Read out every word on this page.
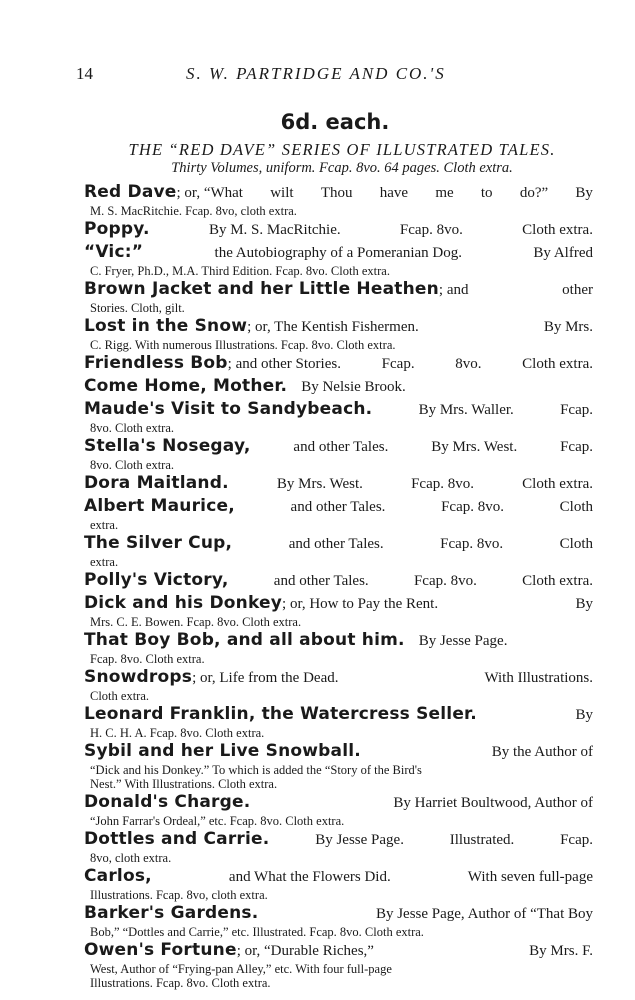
14	S. W. PARTRIDGE AND CO.'S
6d. each.
THE “RED DAVE” SERIES OF ILLUSTRATED TALES.
Thirty Volumes, uniform. Fcap. 8vo. 64 pages. Cloth extra.
Red Dave; or, “What wilt Thou have me to do?” By
M. S. MacRitchie. Fcap. 8vo, cloth extra.
Poppy.	By M. S. MacRitchie.	Fcap. 8vo.	Cloth extra.
“Vic:”	the Autobiography of a Pomeranian Dog.	By Alfred
C. Fryer, Ph.D., M.A. Third Edition. Fcap. 8vo. Cloth extra.
Brown Jacket and her Little Heathen; and	other
Stories. Cloth, gilt.
Lost in the Snow; or, The Kentish Fishermen.	By Mrs.
C. Rigg. With numerous Illustrations. Fcap. 8vo. Cloth extra.
Friendless Bob; and other Stories.	Fcap.	8vo.	Cloth extra.
Come Home, Mother. By Nelsie Brook.
Maude's Visit to Sandybeach.	By Mrs. Waller.	Fcap.
8vo. Cloth extra.
Stella's Nosegay,	and other Tales.	By Mrs. West.	Fcap.
8vo. Cloth extra.
Dora Maitland.	By Mrs. West.	Fcap. 8vo.	Cloth extra.
Albert Maurice,	and other Tales.	Fcap. 8vo.	Cloth
extra.
The Silver Cup,	and other Tales.	Fcap. 8vo.	Cloth
extra.
Polly's Victory,	and other Tales.	Fcap. 8vo.	Cloth extra.
Dick and his Donkey; or, How to Pay the Rent.	By
Mrs. C. E. Bowen. Fcap. 8vo. Cloth extra.
That Boy Bob, and all about him. By Jesse Page.
Fcap. 8vo. Cloth extra.
Snowdrops; or, Life from the Dead.	With Illustrations.
Cloth extra.
Leonard Franklin, the Watercress Seller.	By
H. C. H. A. Fcap. 8vo. Cloth extra.
Sybil and her Live Snowball.	By the Author of
“Dick and his Donkey.” To which is added the “Story of the Bird's
Nest.” With Illustrations. Cloth extra.
Donald's Charge.	By Harriet Boultwood, Author of
“John Farrar's Ordeal,” etc. Fcap. 8vo. Cloth extra.
Dottles and Carrie.	By Jesse Page.	Illustrated.	Fcap.
8vo, cloth extra.
Carlos,	and What the Flowers Did.	With seven full-page
Illustrations. Fcap. 8vo, cloth extra.
Barker's Gardens.	By Jesse Page, Author of “That Boy
Bob,” “Dottles and Carrie,” etc. Illustrated. Fcap. 8vo. Cloth extra.
Owen's Fortune; or, “Durable Riches,”	By Mrs. F.
West, Author of “Frying-pan Alley,” etc. With four full-page
Illustrations. Fcap. 8vo. Cloth extra.
